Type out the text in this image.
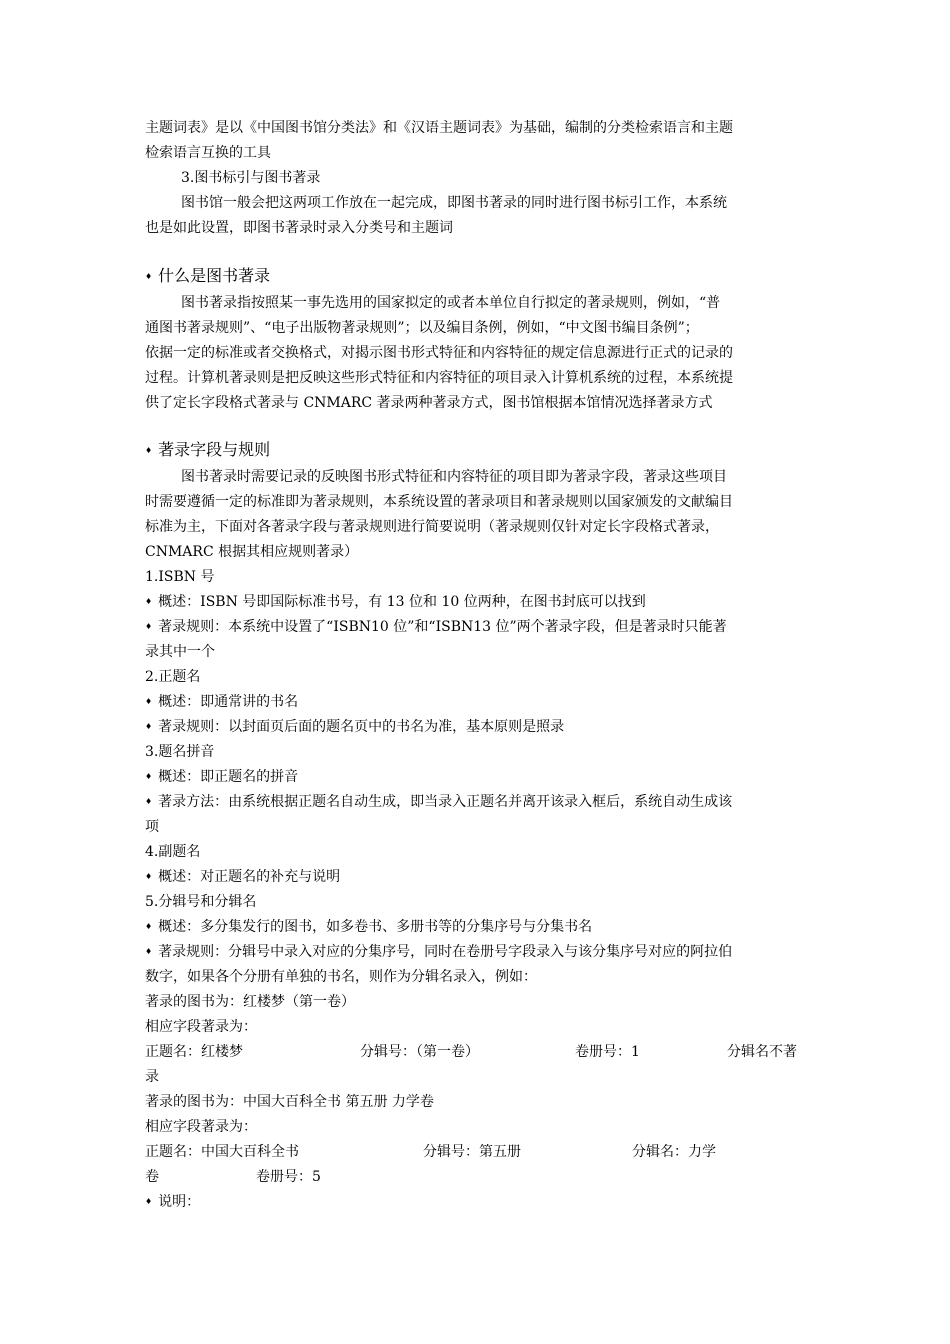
主题词表》是以《中国图书馆分类法》和《汉语主题词表》为基础，编制的分类检索语言和主题
检索语言互换的工具
3.图书标引与图书著录
图书馆一般会把这两项工作放在一起完成，即图书著录的同时进行图书标引工作，本系统
也是如此设置，即图书著录时录入分类号和主题词
♦ 什么是图书著录
图书著录指按照某一事先选用的国家拟定的或者本单位自行拟定的著录规则，例如，“普
通图书著录规则”、“电子出版物著录规则”；以及编目条例，例如，“中文图书编目条例”；
依据一定的标准或者交换格式，对揭示图书形式特征和内容特征的规定信息源进行正式的记录的
过程。计算机著录则是把反映这些形式特征和内容特征的项目录入计算机系统的过程，本系统提
供了定长字段格式著录与 CNMARC 著录两种著录方式，图书馆根据本馆情况选择著录方式
♦ 著录字段与规则
图书著录时需要记录的反映图书形式特征和内容特征的项目即为著录字段，著录这些项目
时需要遵循一定的标准即为著录规则，本系统设置的著录项目和著录规则以国家颁发的文献编目
标准为主，下面对各著录字段与著录规则进行简要说明（著录规则仅针对定长字段格式著录，
CNMARC 根据其相应规则著录）
1.ISBN 号
♦ 概述：ISBN 号即国际标准书号，有 13 位和 10 位两种，在图书封底可以找到
♦ 著录规则：本系统中设置了“ISBN10 位”和“ISBN13 位”两个著录字段，但是著录时只能著
录其中一个
2.正题名
♦ 概述：即通常讲的书名
♦ 著录规则：以封面页后面的题名页中的书名为准，基本原则是照录
3.题名拼音
♦ 概述：即正题名的拼音
♦ 著录方法：由系统根据正题名自动生成，即当录入正题名并离开该录入框后，系统自动生成该
项
4.副题名
♦ 概述：对正题名的补充与说明
5.分辑号和分辑名
♦ 概述：多分集发行的图书，如多卷书、多册书等的分集序号与分集书名
♦ 著录规则：分辑号中录入对应的分集序号，同时在卷册号字段录入与该分集序号对应的阿拉伯
数字，如果各个分册有单独的书名，则作为分辑名录入，例如：
著录的图书为：红楼梦（第一卷）
相应字段著录为：
正题名：红楼梦	分辑号：（第一卷）	卷册号：1	分辑名不著
录
著录的图书为：中国大百科全书 第五册 力学卷
相应字段著录为：
正题名：中国大百科全书	分辑号：第五册	分辑名：力学
卷	卷册号：5
♦ 说明：
